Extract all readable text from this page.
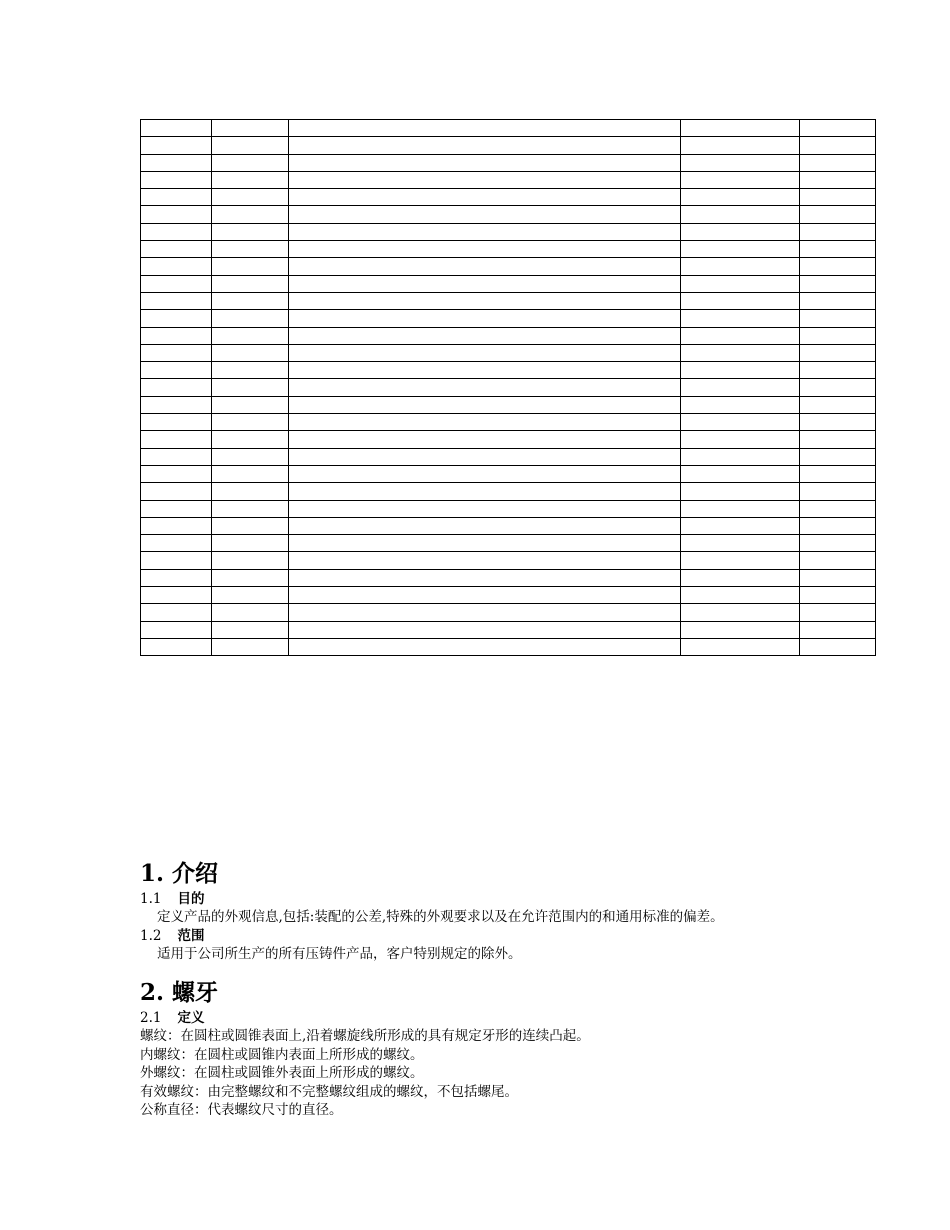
1. 介绍

1.1 目的

定义产品的外观信息,包括:装配的公差,特殊的外观要求以及在允许范围内的和通用标准的偏差。

1.2 范围

适用于公司所生产的所有压铸件产品，客户特别规定的除外。

2. 螺牙

2.1 定义

螺纹：在圆柱或圆锥表面上,沿着螺旋线所形成的具有规定牙形的连续凸起。

内螺纹：在圆柱或圆锥内表面上所形成的螺纹。

外螺纹：在圆柱或圆锥外表面上所形成的螺纹。

有效螺纹：由完整螺纹和不完整螺纹组成的螺纹，不包括螺尾。

公称直径：代表螺纹尺寸的直径。
